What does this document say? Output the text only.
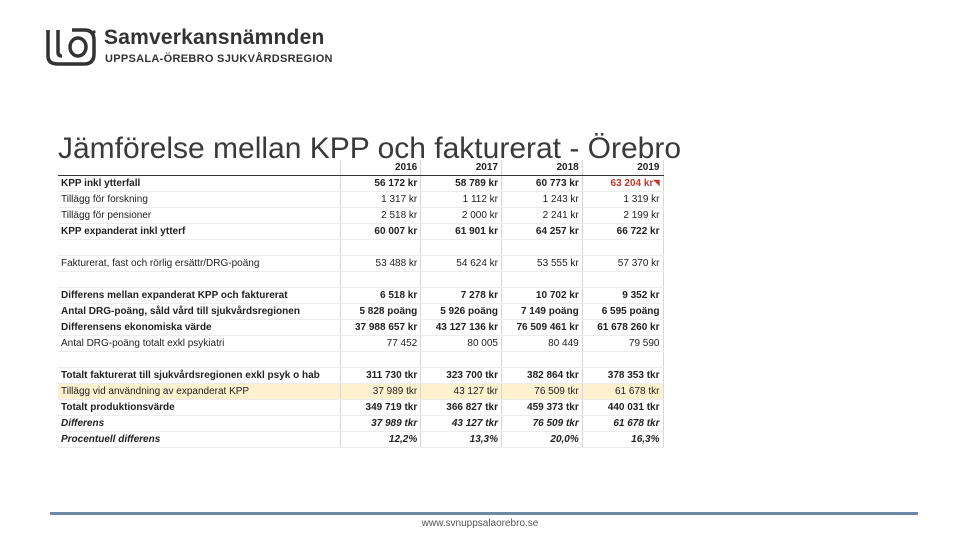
Samverkansnämnden
UPPSALA-ÖREBRO SJUKVÅRDSREGION
Jämförelse mellan KPP och fakturerat - Örebro
	2016	2017	2018	2019
KPP inkl ytterfall	56 172 kr	58 789 kr	60 773 kr	63 204 kr◥
Tillägg för forskning	1 317 kr	1 112 kr	1 243 kr	1 319 kr
Tillägg för pensioner	2 518 kr	2 000 kr	2 241 kr	2 199 kr
KPP expanderat inkl ytterf	60 007 kr	61 901 kr	64 257 kr	66 722 kr

Fakturerat, fast och rörlig ersättr/DRG-poäng	53 488 kr	54 624 kr	53 555 kr	57 370 kr

Differens mellan expanderat KPP och fakturerat	6 518 kr	7 278 kr	10 702 kr	9 352 kr
Antal DRG-poäng, såld vård till sjukvårdsregionen	5 828 poäng	5 926 poäng	7 149 poäng	6 595 poäng
Differensens ekonomiska värde	37 988 657 kr	43 127 136 kr	76 509 461 kr	61 678 260 kr
Antal DRG-poäng totalt exkl psykiatri	77 452	80 005	80 449	79 590

Totalt fakturerat till sjukvårdsregionen exkl psyk o hab	311 730 tkr	323 700 tkr	382 864 tkr	378 353 tkr
Tillägg vid användning av expanderat KPP	37 989 tkr	43 127 tkr	76 509 tkr	61 678 tkr
Totalt produktionsvärde	349 719 tkr	366 827 tkr	459 373 tkr	440 031 tkr
Differens	37 989 tkr	43 127 tkr	76 509 tkr	61 678 tkr
Procentuell differens	12,2%	13,3%	20,0%	16,3%
www.svnuppsalaorebro.se
